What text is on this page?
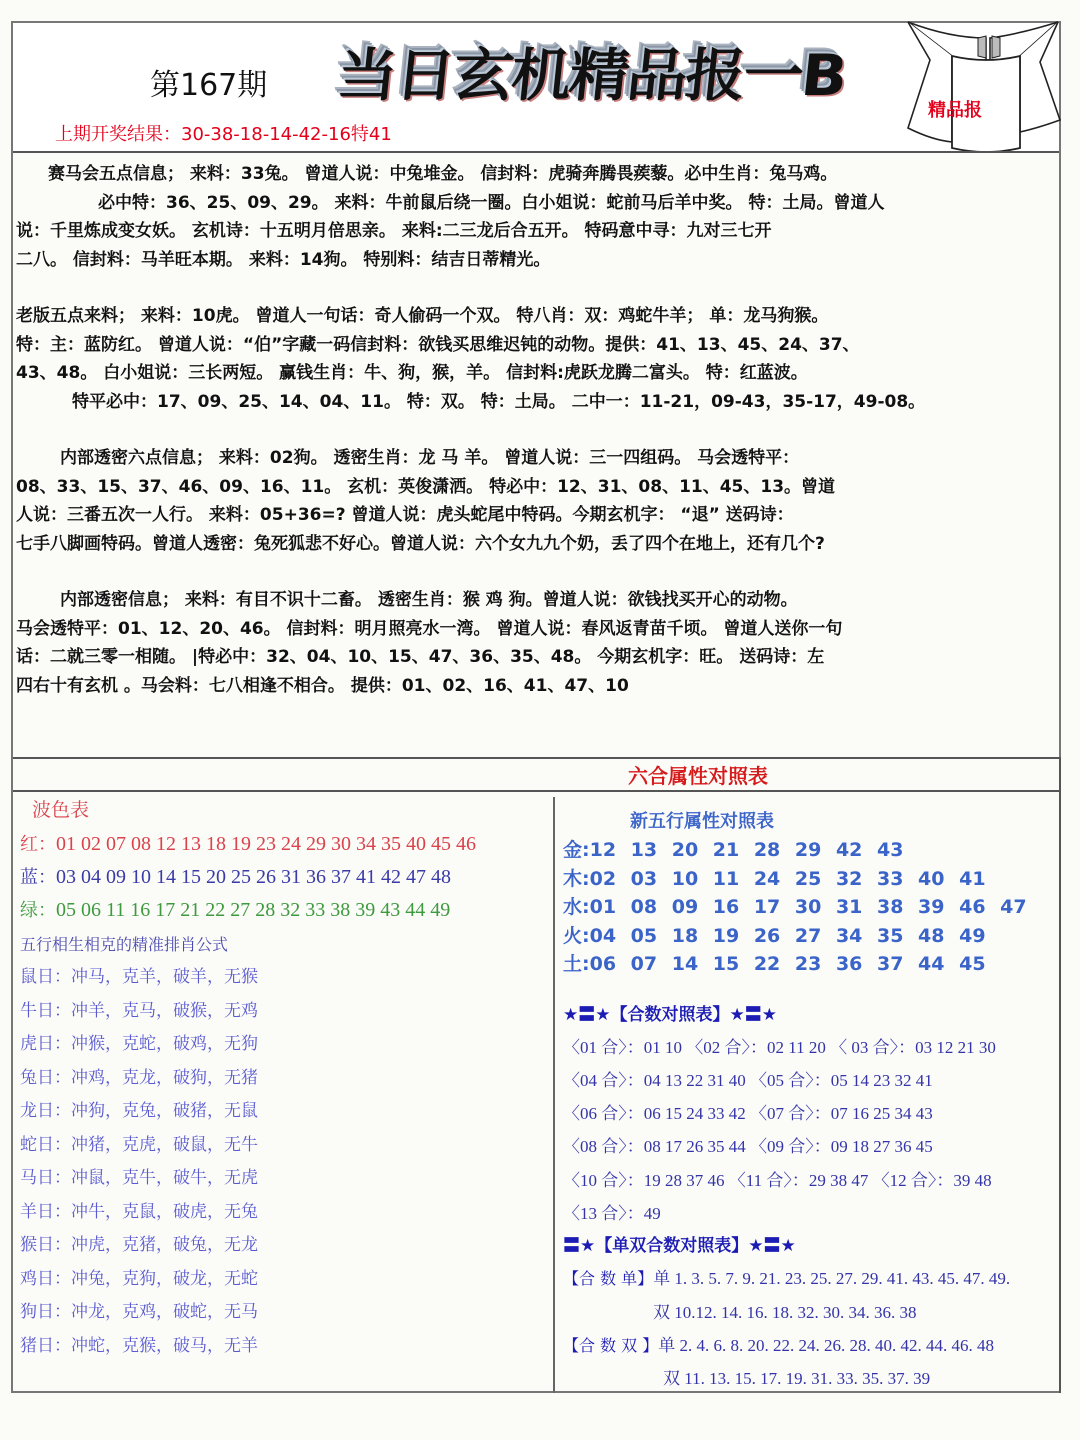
第167期 当日玄机精品报一B
精品报
上期开奖结果：30-38-18-14-42-16特41
赛马会五点信息； 来料：33兔。 曾道人说：中兔堆金。 信封料：虎骑奔腾畏蒺藜。必中生肖：兔马鸡。
必中特：36、25、09、29。 来料：牛前鼠后绕一圈。白小姐说：蛇前马后羊中奖。 特：土局。曾道人
说：千里炼成变女妖。 玄机诗：十五明月倍思亲。 来料:二三龙后合五开。 特码意中寻：九对三七开
二八。 信封料：马羊旺本期。 来料：14狗。 特别料：结吉日蒂精光。
老版五点来料； 来料：10虎。 曾道人一句话：奇人偷码一个双。 特八肖：双：鸡蛇牛羊； 单：龙马狗猴。
特：主：蓝防红。 曾道人说：“伯”字藏一码信封料：欲钱买思维迟钝的动物。提供：41、13、45、24、37、
43、48。 白小姐说：三长两短。 赢钱生肖：牛、狗，猴，羊。 信封料:虎跃龙腾二富头。 特：红蓝波。
特平必中：17、09、25、14、04、11。 特：双。 特：土局。 二中一：11-21，09-43，35-17，49-08。
内部透密六点信息； 来料：02狗。 透密生肖：龙 马 羊。 曾道人说：三一四组码。 马会透特平：
08、33、15、37、46、09、16、11。 玄机：英俊潇洒。 特必中：12、31、08、11、45、13。曾道
人说：三番五次一人行。 来料：05+36=? 曾道人说：虎头蛇尾中特码。今期玄机字： “退” 送码诗：
七手八脚画特码。曾道人透密：兔死狐悲不好心。曾道人说：六个女九九个奶，丢了四个在地上，还有几个?
内部透密信息； 来料：有目不识十二畜。 透密生肖：猴 鸡 狗。曾道人说：欲钱找买开心的动物。
马会透特平：01、12、20、46。 信封料：明月照亮水一湾。 曾道人说：春风返青苗千顷。 曾道人送你一句
话：二就三零一相随。 |特必中：32、04、10、15、47、36、35、48。 今期玄机字：旺。 送码诗：左
四右十有玄机 。马会料：七八相逢不相合。 提供：01、02、16、41、47、10
六合属性对照表
波色表
红：01 02 07 08 12 13 18 19 23 24 29 30 34 35 40 45 46
蓝：03 04 09 10 14 15 20 25 26 31 36 37 41 42 47 48
绿：05 06 11 16 17 21 22 27 28 32 33 38 39 43 44 49
五行相生相克的精准排肖公式
鼠日：冲马，克羊，破羊，无猴
牛日：冲羊，克马，破猴，无鸡
虎日：冲猴，克蛇，破鸡，无狗
兔日：冲鸡，克龙，破狗，无猪
龙日：冲狗，克兔，破猪，无鼠
蛇日：冲猪，克虎，破鼠，无牛
马日：冲鼠，克牛，破牛，无虎
羊日：冲牛，克鼠，破虎，无兔
猴日：冲虎，克猪，破兔，无龙
鸡日：冲兔，克狗，破龙，无蛇
狗日：冲龙，克鸡，破蛇，无马
猪日：冲蛇，克猴，破马，无羊
新五行属性对照表
金:12 13 20 21 28 29 42 43
木:02 03 10 11 24 25 32 33 40 41
水:01 08 09 16 17 30 31 38 39 46 47
火:04 05 18 19 26 27 34 35 48 49
土:06 07 14 15 22 23 36 37 44 45
★〓★【合数对照表】★〓★
〈01 合〉：01 10 〈02 合〉：02 11 20 〈 03 合〉：03 12 21 30
〈04 合〉：04 13 22 31 40 〈05 合〉：05 14 23 32 41
〈06 合〉：06 15 24 33 42 〈07 合〉：07 16 25 34 43
〈08 合〉：08 17 26 35 44 〈09 合〉：09 18 27 36 45
〈10 合〉：19 28 37 46 〈11 合〉：29 38 47 〈12 合〉：39 48
〈13 合〉：49
〓★【单双合数对照表】★〓★
【合 数 单】单 1. 3. 5. 7. 9. 21. 23. 25. 27. 29. 41. 43. 45. 47. 49.
双 10.12. 14. 16. 18. 32. 30. 34. 36. 38
【合 数 双 】单 2. 4. 6. 8. 20. 22. 24. 26. 28. 40. 42. 44. 46. 48
双 11. 13. 15. 17. 19. 31. 33. 35. 37. 39
